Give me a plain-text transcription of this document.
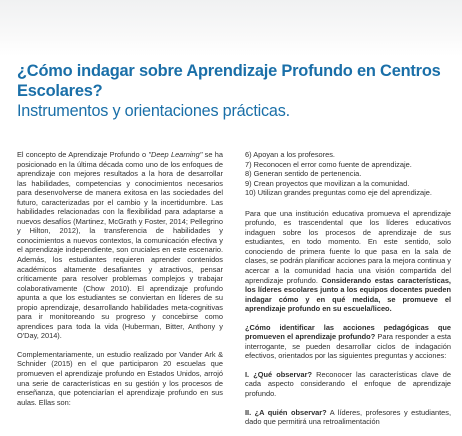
¿Cómo indagar sobre Aprendizaje Profundo en Centros Escolares?
Instrumentos y orientaciones prácticas.

El concepto de Aprendizaje Profundo o "Deep Learning" se ha posicionado en la última década como uno de los enfoques de aprendizaje con mejores resultados a la hora de desarrollar las habilidades, competencias y conocimientos necesarios para desenvolverse de manera exitosa en las sociedades del futuro, caracterizadas por el cambio y la incertidumbre. Las habilidades relacionadas con la flexibilidad para adaptarse a nuevos desafíos (Martinez, McGrath y Foster, 2014; Pellegrino y Hilton, 2012), la transferencia de habilidades y conocimientos a nuevos contextos, la comunicación efectiva y el aprendizaje independiente, son cruciales en este escenario. Además, los estudiantes requieren aprender contenidos académicos altamente desafiantes y atractivos, pensar críticamente para resolver problemas complejos y trabajar colaborativamente (Chow 2010). El aprendizaje profundo apunta a que los estudiantes se conviertan en líderes de su propio aprendizaje, desarrollando habilidades meta-cognitivas para ir monitoreando su progreso y concebirse como aprendices para toda la vida (Huberman, Bitter, Anthony y O'Day, 2014).

Complementariamente, un estudio realizado por Vander Ark & Schnider (2015) en el que participaron 20 escuelas que promueven el aprendizaje profundo en Estados Unidos, arrojó una serie de características en su gestión y los procesos de enseñanza, que potenciarían el aprendizaje profundo en sus aulas. Ellas son:

6) Apoyan a los profesores.

7) Reconocen el error como fuente de aprendizaje.

8) Generan sentido de pertenencia.

9) Crean proyectos que movilizan a la comunidad.

10) Utilizan grandes preguntas como eje del aprendizaje.

Para que una institución educativa promueva el aprendizaje profundo, es trascendental que los líderes educativos indaguen sobre los procesos de aprendizaje de sus estudiantes, en todo momento. En este sentido, solo conociendo de primera fuente lo que pasa en la sala de clases, se podrán planificar acciones para la mejora continua y acercar a la comunidad hacia una visión compartida del aprendizaje profundo. Considerando estas características, los líderes escolares junto a los equipos docentes pueden indagar cómo y en qué medida, se promueve el aprendizaje profundo en su escuela/liceo.

¿Cómo identificar las acciones pedagógicas que promueven el aprendizaje profundo? Para responder a esta interrogante, se pueden desarrollar ciclos de indagación efectivos, orientados por las siguientes preguntas y acciones:

I. ¿Qué observar? Reconocer las características clave de cada aspecto considerando el enfoque de aprendizaje profundo.

II. ¿A quién observar? A líderes, profesores y estudiantes, dado que permitirá una retroalimentación
